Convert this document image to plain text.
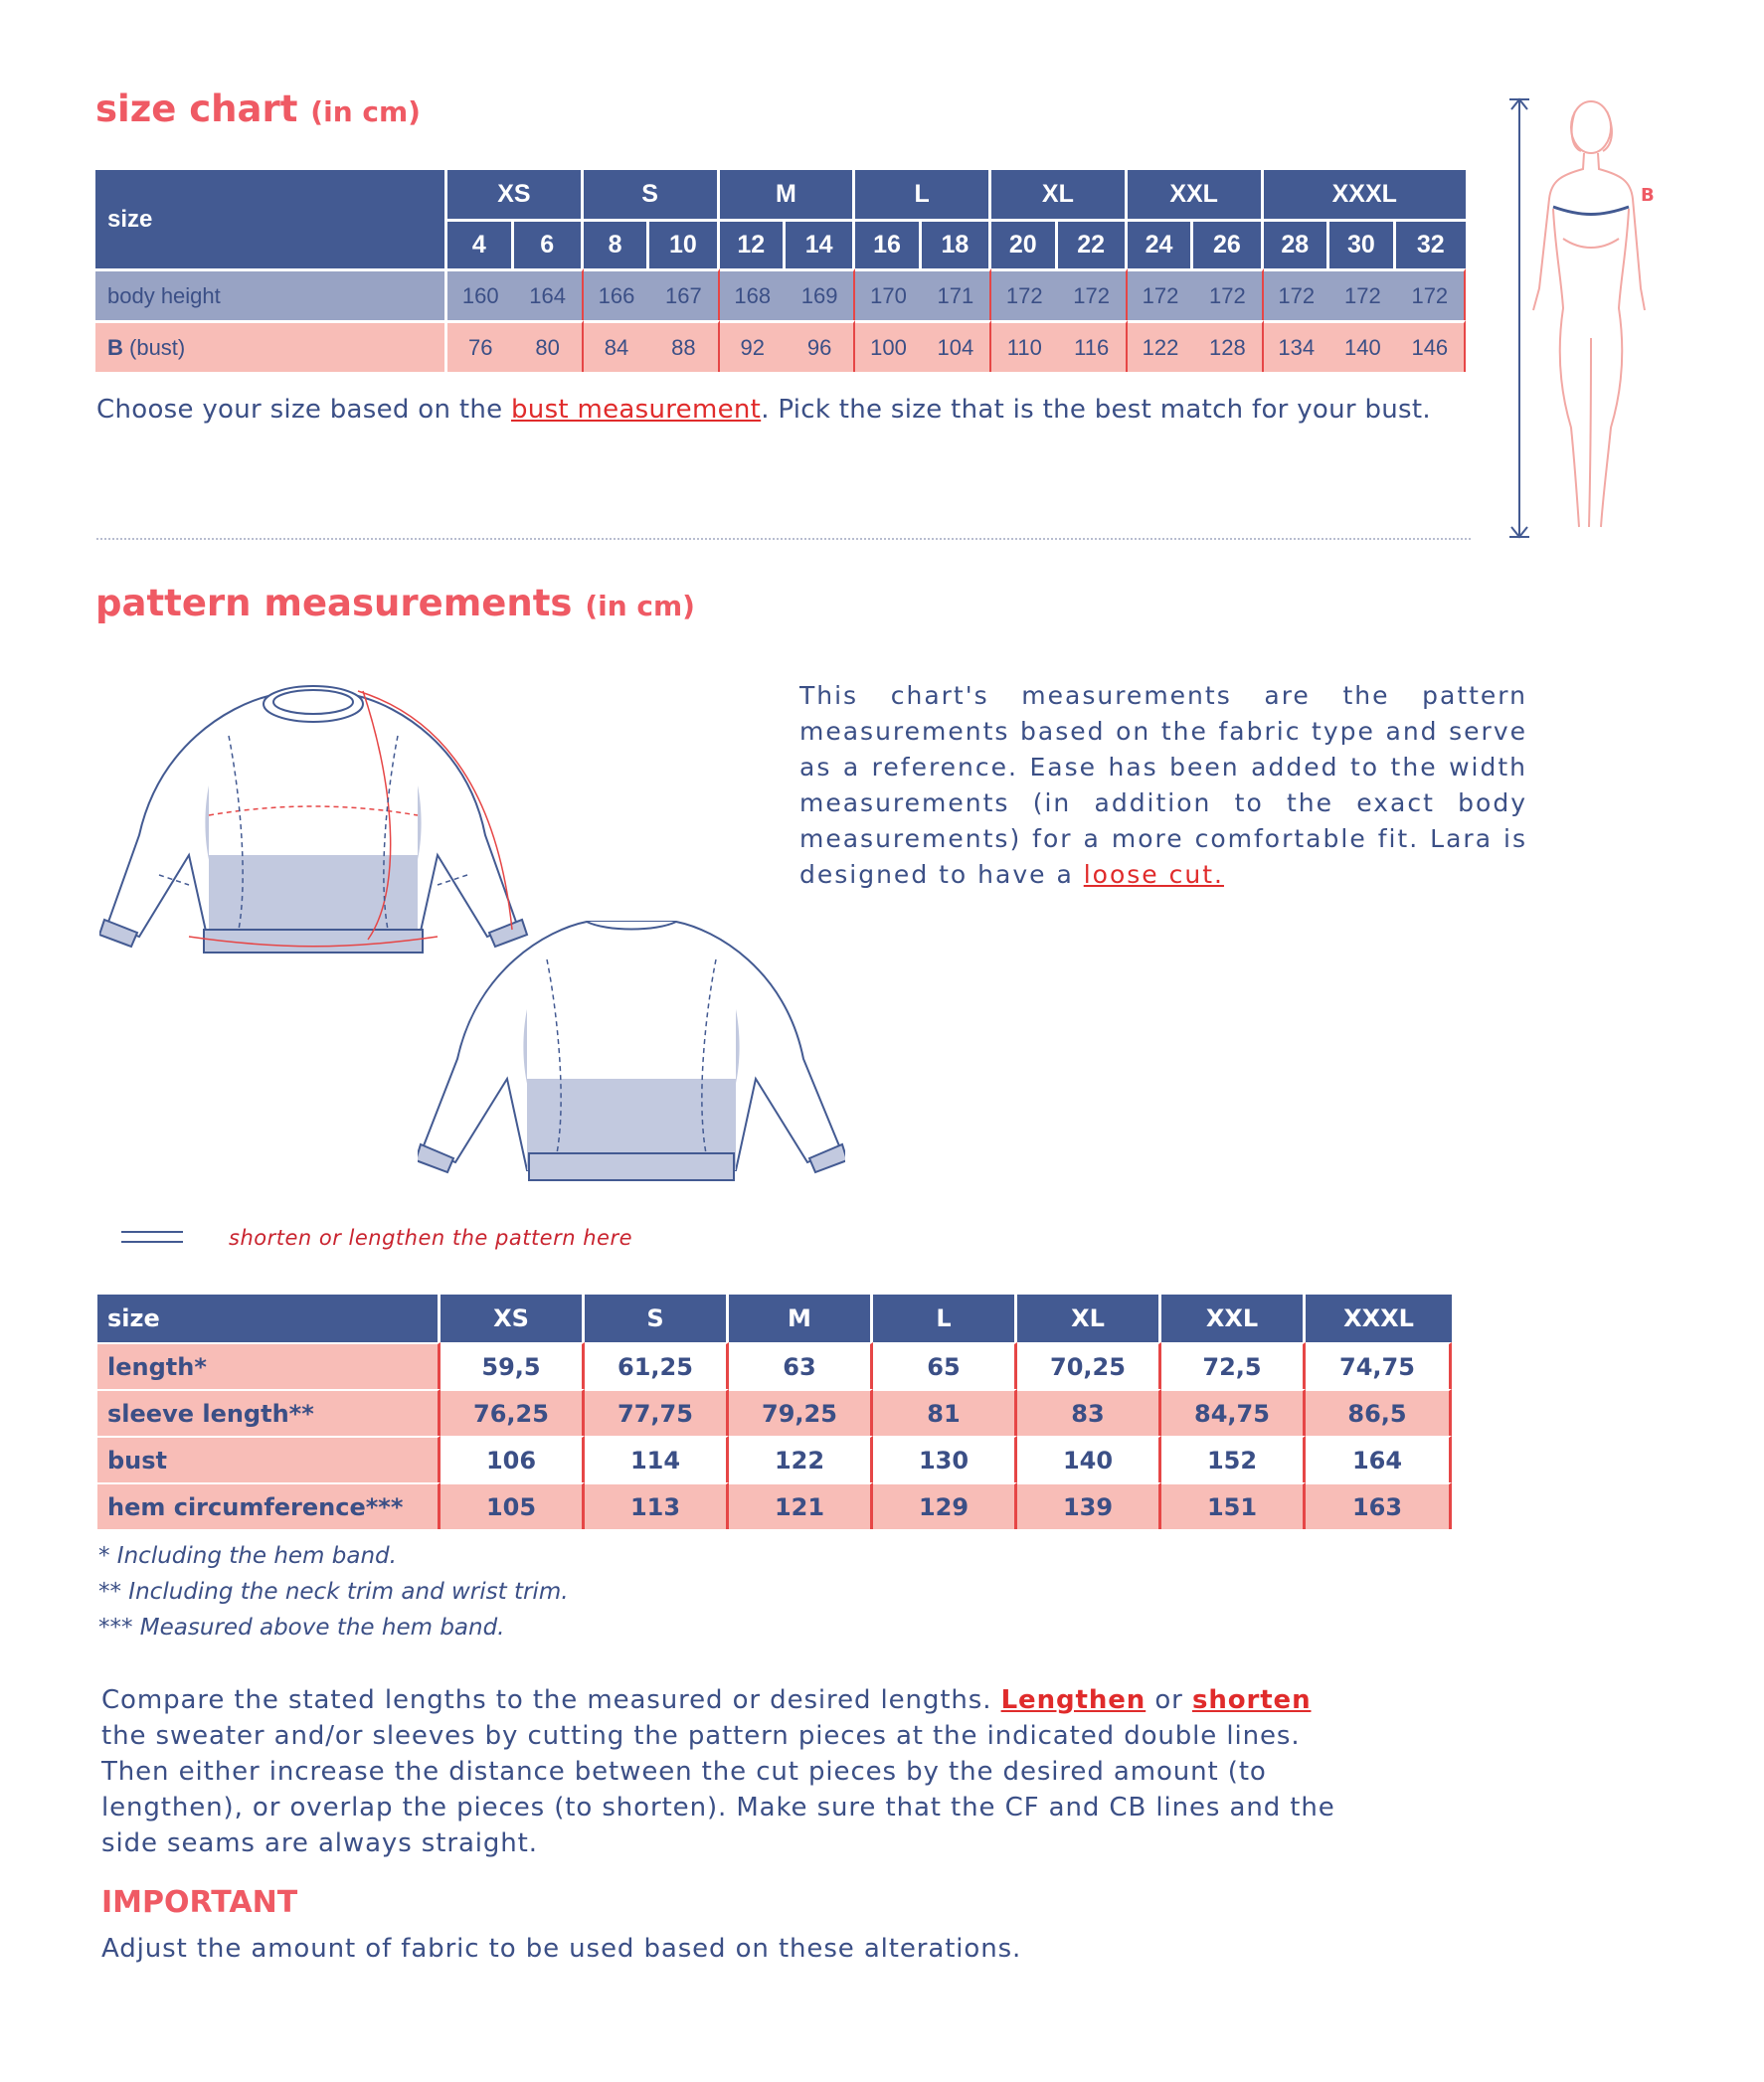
size chart (in cm)
size	XS		S		M		L		XL		XXL		XXXL		
	4	6	8	10	12	14	16	18	20	22	24	26	28	30	32
body height	160	164	166	167	168	169	170	171	172	172	172	172	172	172	172
B (bust)	76	80	84	88	92	96	100	104	110	116	122	128	134	140	146
Choose your size based on the bust measurement. Pick the size that is the best match for your bust.
B
pattern measurements (in cm)
This chart's measurements are the pattern measurements based on the fabric type and serve as a reference. Ease has been added to the width measurements (in addition to the exact body measurements) for a more comfortable fit. Lara is designed to have a loose cut.
shorten or lengthen the pattern here
size	XS	S	M	L	XL	XXL	XXXL
length*	59,5	61,25	63	65	70,25	72,5	74,75
sleeve length**	76,25	77,75	79,25	81	83	84,75	86,5
bust	106	114	122	130	140	152	164
hem circumference***	105	113	121	129	139	151	163
* Including the hem band.
** Including the neck trim and wrist trim.
*** Measured above the hem band.
Compare the stated lengths to the measured or desired lengths. Lengthen or shorten the sweater and/or sleeves by cutting the pattern pieces at the indicated double lines. Then either increase the distance between the cut pieces by the desired amount (to lengthen), or overlap the pieces (to shorten). Make sure that the CF and CB lines and the side seams are always straight.
IMPORTANT
Adjust the amount of fabric to be used based on these alterations.
